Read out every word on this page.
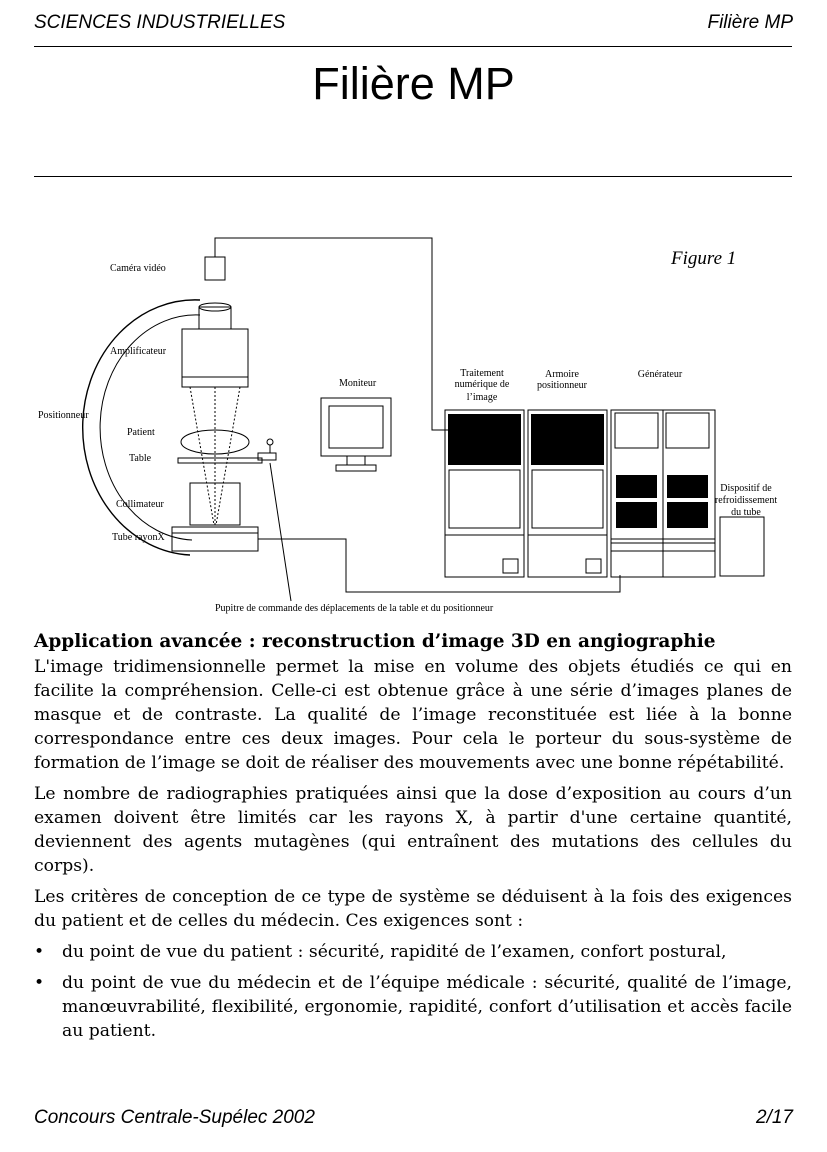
SCIENCES INDUSTRIELLES	Filière MP
Filière MP
Figure 1
Caméra vidéo
Amplificateur
Positionneur
Patient
Table
Collimateur
Tube rayonX
Moniteur
Traitement
numérique de
l’image
Armoire
positionneur
Générateur
Dispositif de
refroidissement
du tube
Pupitre de commande des déplacements de la table et du positionneur
Application avancée : reconstruction d’image 3D en angiographie

L'image tridimensionnelle permet la mise en volume des objets étudiés ce qui en facilite la compréhension. Celle-ci est obtenue grâce à une série d’images planes de masque et de contraste. La qualité de l’image reconstituée est liée à la bonne correspondance entre ces deux images. Pour cela le porteur du sous-système de formation de l’image se doit de réaliser des mouvements avec une bonne répétabilité.

Le nombre de radiographies pratiquées ainsi que la dose d’exposition au cours d’un examen doivent être limités car les rayons X, à partir d'une certaine quantité, deviennent des agents mutagènes (qui entraînent des mutations des cellules du corps).

Les critères de conception de ce type de système se déduisent à la fois des exigences du patient et de celles du médecin. Ces exigences sont :

• du point de vue du patient : sécurité, rapidité de l’examen, confort postural,
• du point de vue du médecin et de l’équipe médicale : sécurité, qualité de l’image, manœuvrabilité, flexibilité, ergonomie, rapidité, confort d’utilisation et accès facile au patient.
Concours Centrale-Supélec 2002	2/17
